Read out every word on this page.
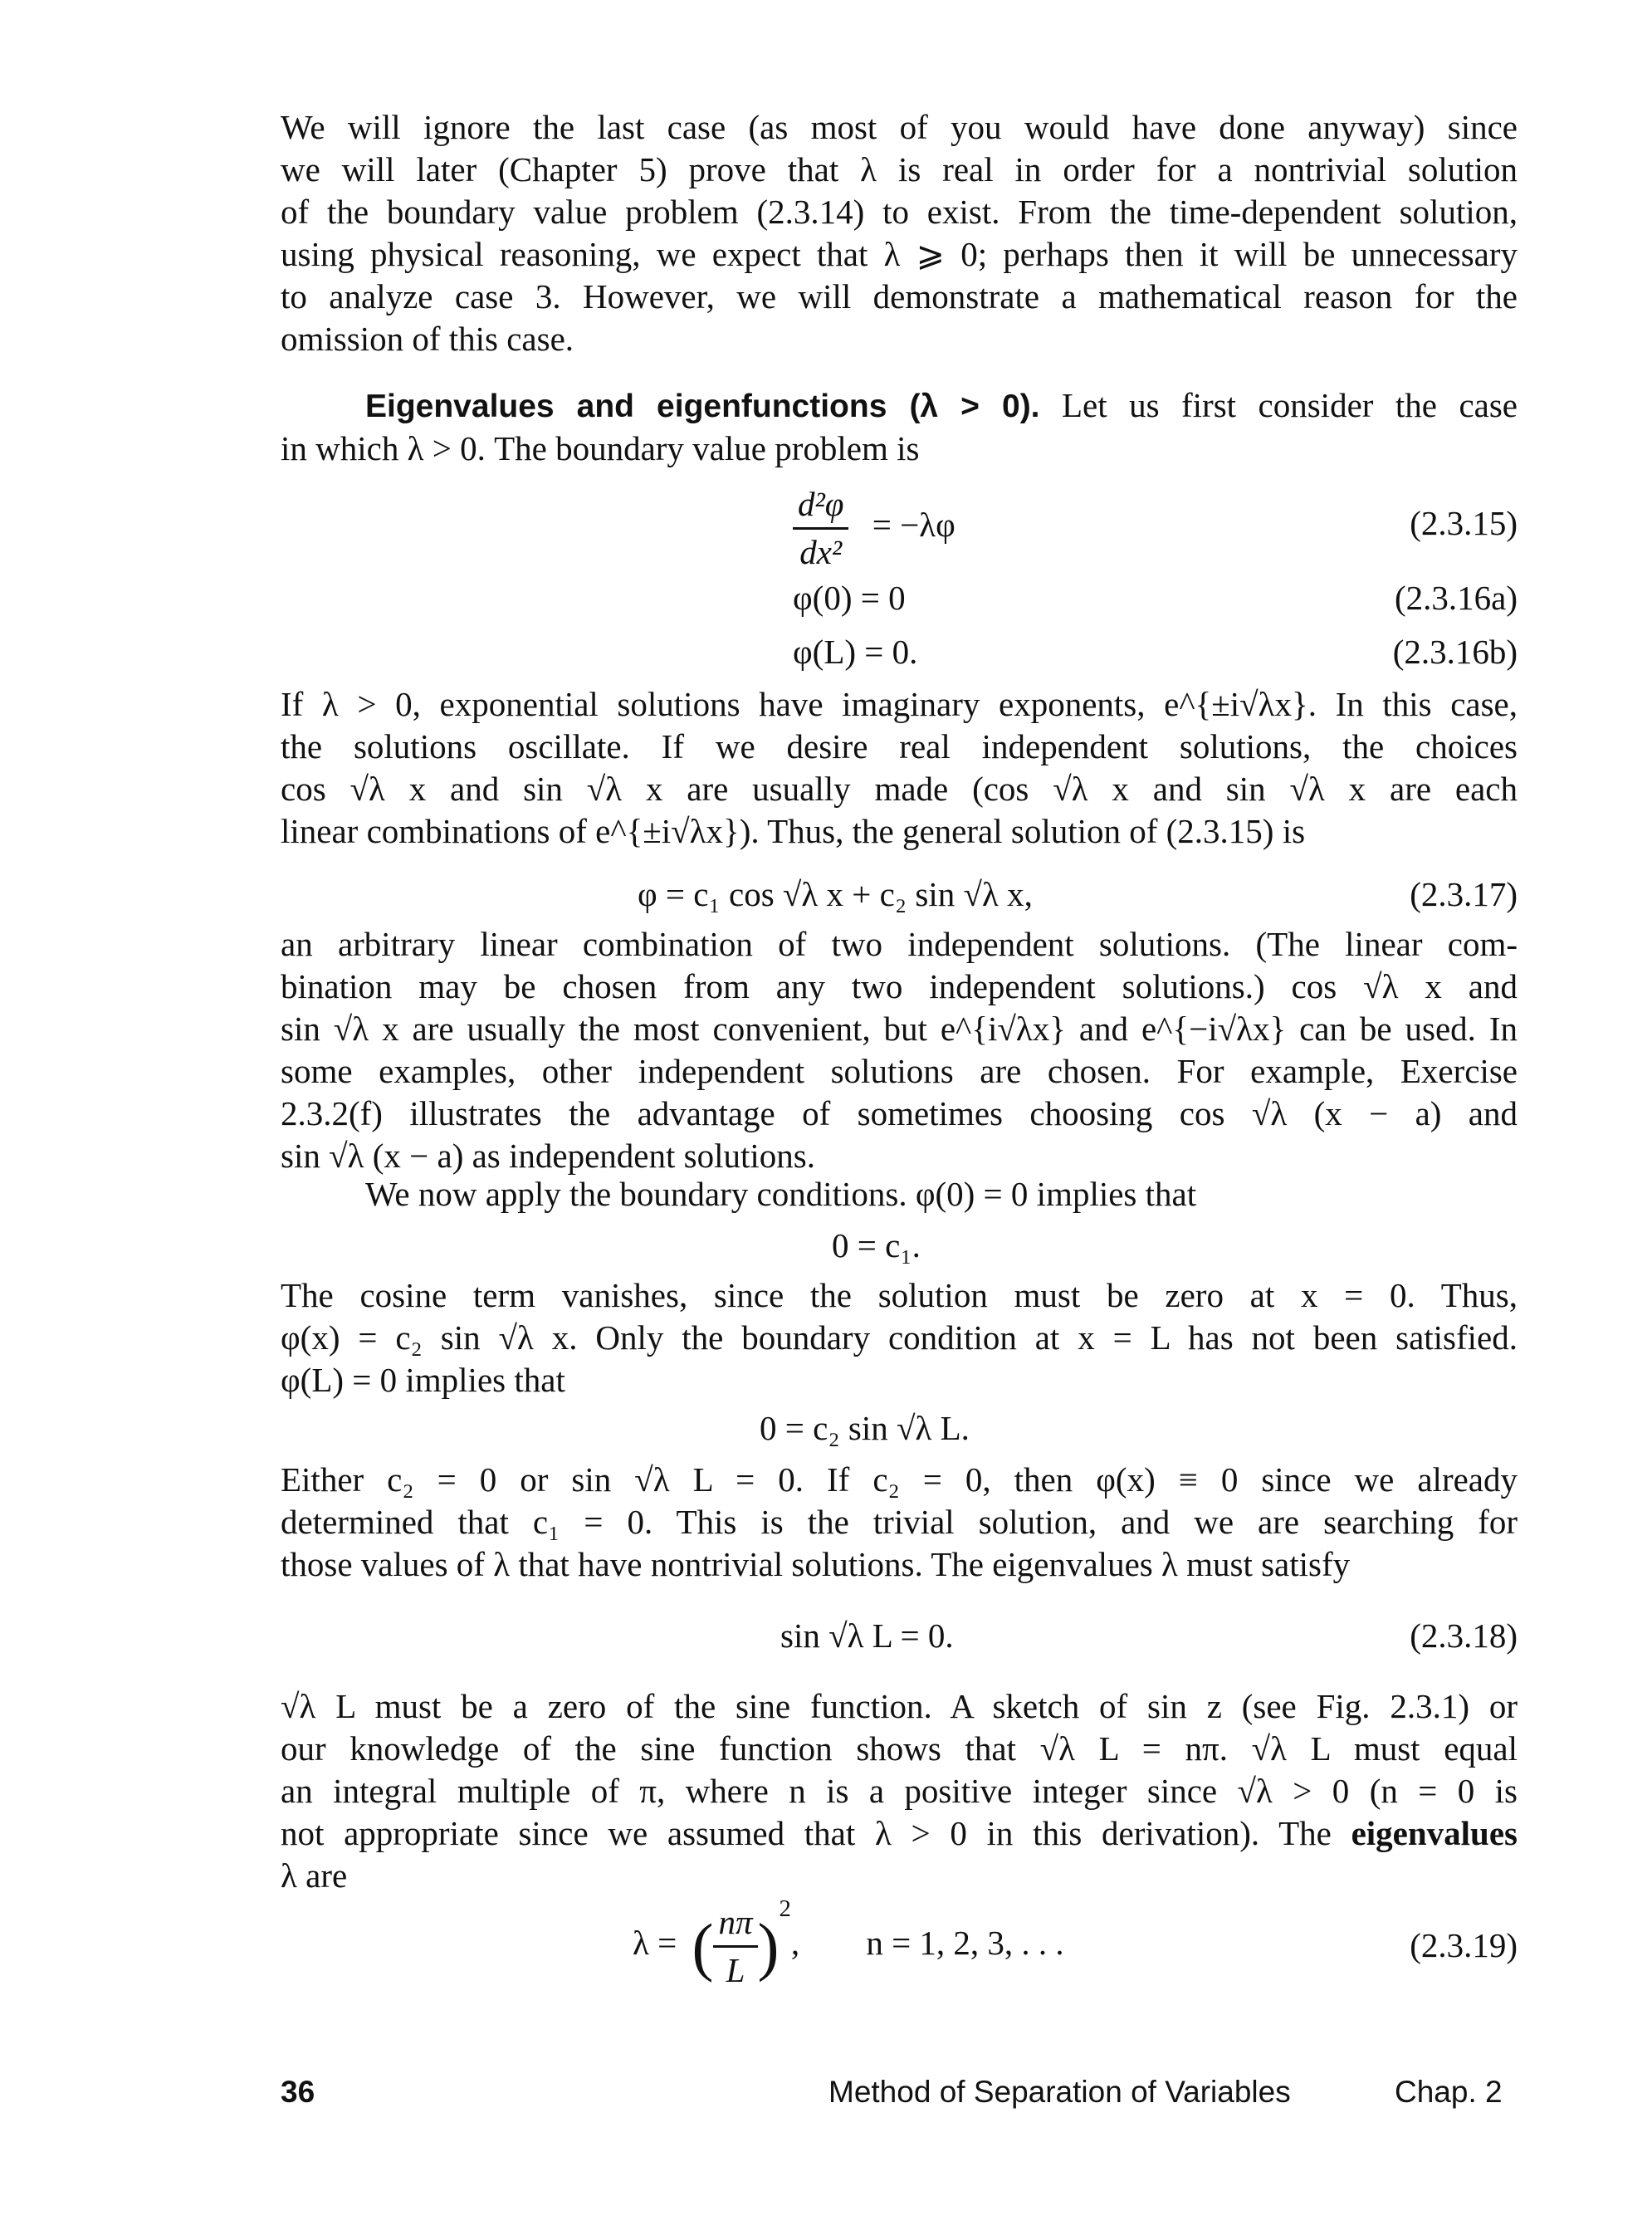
We will ignore the last case (as most of you would have done anyway) since
we will later (Chapter 5) prove that λ is real in order for a nontrivial solution
of the boundary value problem (2.3.14) to exist. From the time-dependent solution,
using physical reasoning, we expect that λ ⩾ 0; perhaps then it will be unnecessary
to analyze case 3. However, we will demonstrate a mathematical reason for the
omission of this case.
Eigenvalues and eigenfunctions (λ > 0). Let us first consider the case
in which λ > 0. The boundary value problem is
$\frac{\text{d²φ}}{\text{dx²}} = -\lambda\varphi$	(2.3.15)
φ(0) = 0	(2.3.16a)
φ(L) = 0.	(2.3.16b)
If λ > 0, exponential solutions have imaginary exponents, e^{±i√λx}. In this case,
the solutions oscillate. If we desire real independent solutions, the choices
cos √λ x and sin √λ x are usually made (cos √λ x and sin √λ x are each
linear combinations of e^{±i√λx}). Thus, the general solution of (2.3.15) is
φ = c₁ cos √λ x + c₂ sin √λ x,	(2.3.17)
an arbitrary linear combination of two independent solutions. (The linear com-
bination may be chosen from any two independent solutions.) cos √λ x and
sin √λ x are usually the most convenient, but e^{i√λx} and e^{−i√λx} can be used. In
some examples, other independent solutions are chosen. For example, Exercise
2.3.2(f) illustrates the advantage of sometimes choosing cos √λ (x − a) and
sin √λ (x − a) as independent solutions.
We now apply the boundary conditions. φ(0) = 0 implies that
0 = c₁.
The cosine term vanishes, since the solution must be zero at x = 0. Thus,
φ(x) = c₂ sin √λ x. Only the boundary condition at x = L has not been satisfied.
φ(L) = 0 implies that
0 = c₂ sin √λ L.
Either c₂ = 0 or sin √λ L = 0. If c₂ = 0, then φ(x) ≡ 0 since we already
determined that c₁ = 0. This is the trivial solution, and we are searching for
those values of λ that have nontrivial solutions. The eigenvalues λ must satisfy
sin √λ L = 0.	(2.3.18)
√λ L must be a zero of the sine function. A sketch of sin z (see Fig. 2.3.1) or
our knowledge of the sine function shows that √λ L = nπ. √λ L must equal
an integral multiple of π, where n is a positive integer since √λ > 0 (n = 0 is
not appropriate since we assumed that λ > 0 in this derivation). The eigenvalues
λ are
λ = ( $\frac{n\pi}{L} )^2$, n = 1, 2, 3, . . .	(2.3.19)
36	Method of Separation of Variables	Chap. 2
